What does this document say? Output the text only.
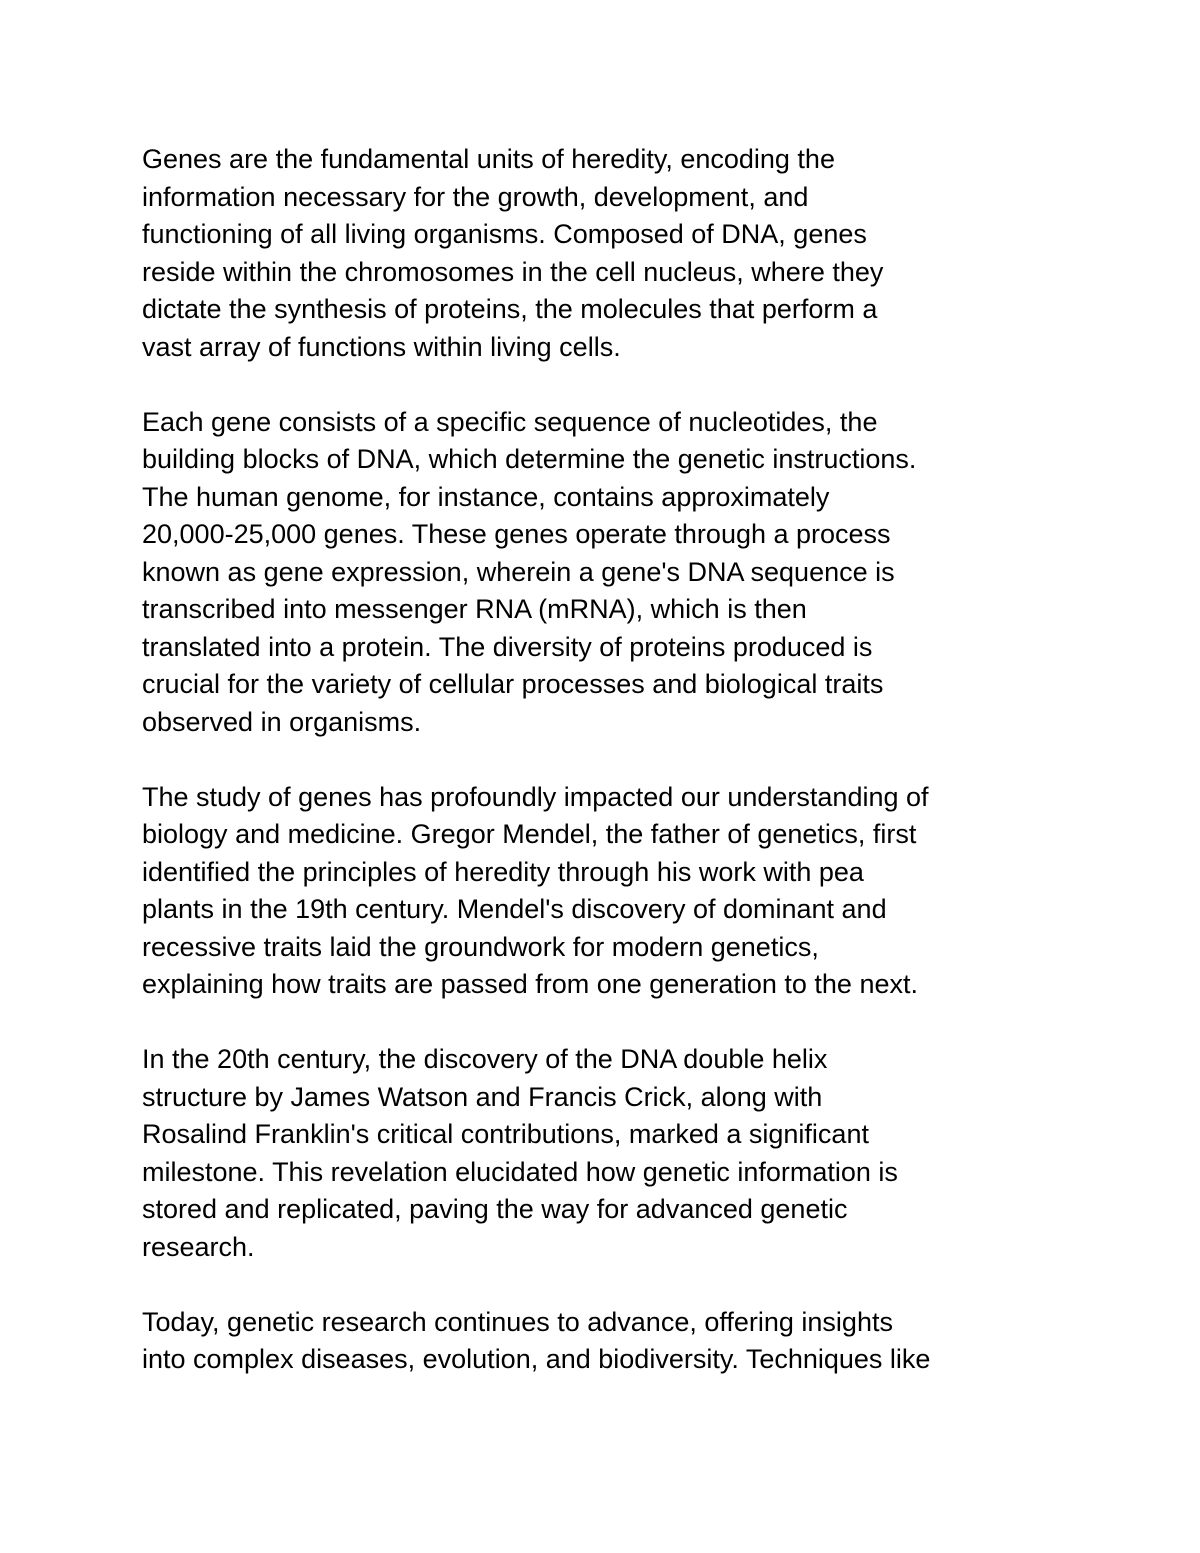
Genes are the fundamental units of heredity, encoding the
information necessary for the growth, development, and
functioning of all living organisms. Composed of DNA, genes
reside within the chromosomes in the cell nucleus, where they
dictate the synthesis of proteins, the molecules that perform a
vast array of functions within living cells.

Each gene consists of a specific sequence of nucleotides, the
building blocks of DNA, which determine the genetic instructions.
The human genome, for instance, contains approximately
20,000-25,000 genes. These genes operate through a process
known as gene expression, wherein a gene's DNA sequence is
transcribed into messenger RNA (mRNA), which is then
translated into a protein. The diversity of proteins produced is
crucial for the variety of cellular processes and biological traits
observed in organisms.

The study of genes has profoundly impacted our understanding of
biology and medicine. Gregor Mendel, the father of genetics, first
identified the principles of heredity through his work with pea
plants in the 19th century. Mendel's discovery of dominant and
recessive traits laid the groundwork for modern genetics,
explaining how traits are passed from one generation to the next.

In the 20th century, the discovery of the DNA double helix
structure by James Watson and Francis Crick, along with
Rosalind Franklin's critical contributions, marked a significant
milestone. This revelation elucidated how genetic information is
stored and replicated, paving the way for advanced genetic
research.

Today, genetic research continues to advance, offering insights
into complex diseases, evolution, and biodiversity. Techniques like
